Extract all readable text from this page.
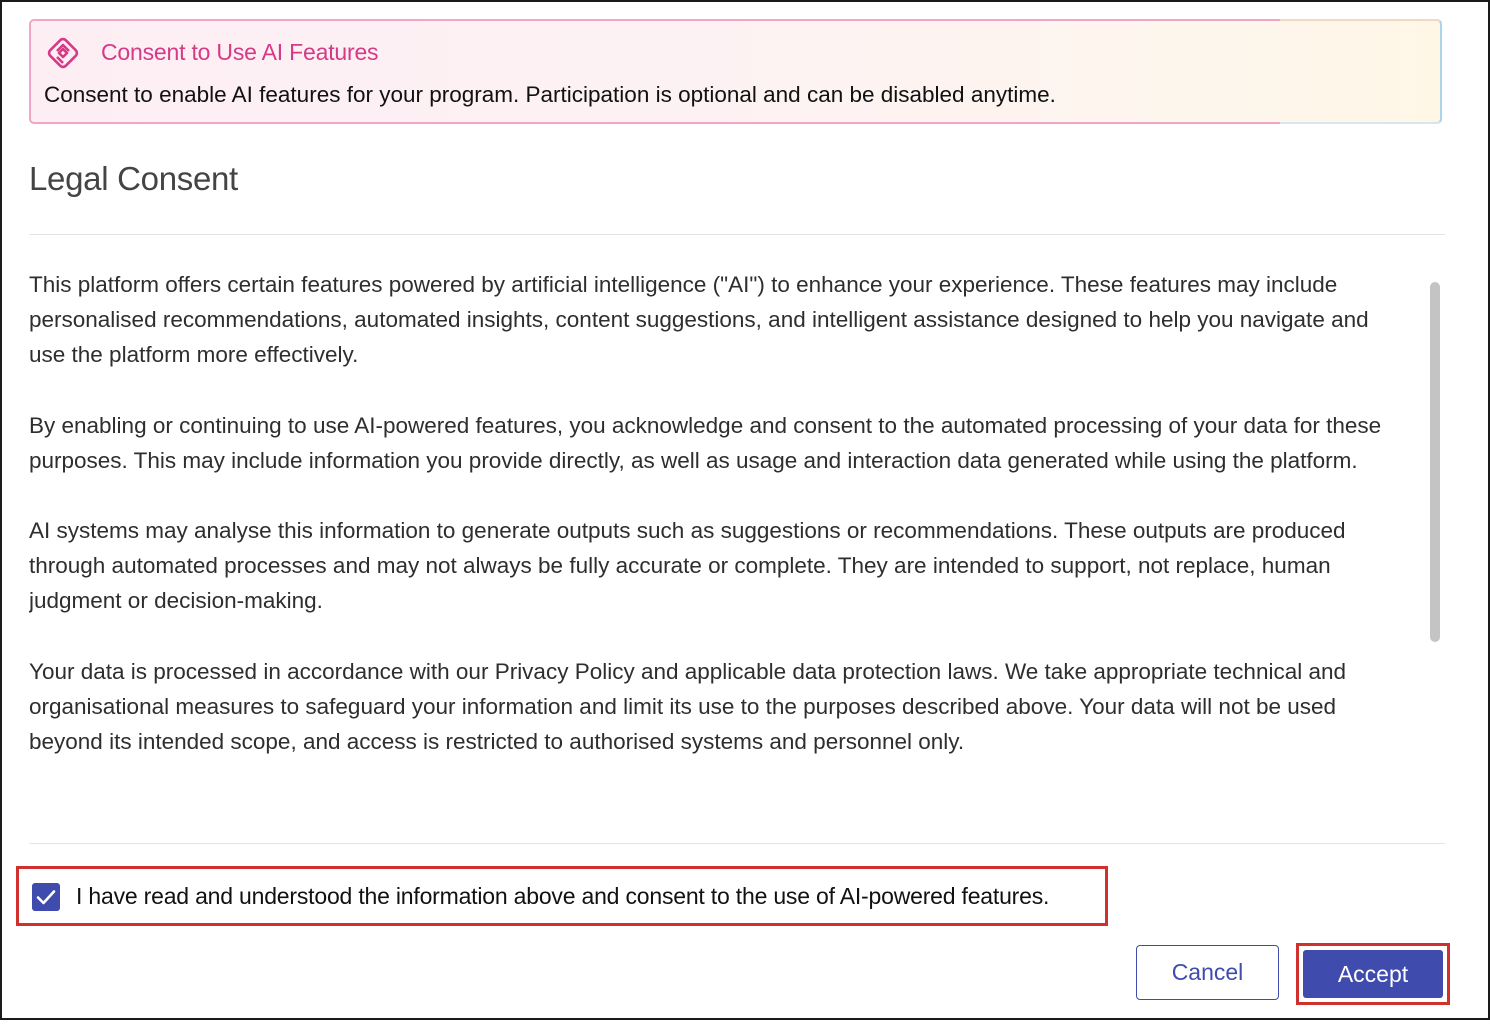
Consent to Use AI Features
Consent to enable AI features for your program. Participation is optional and can be disabled anytime.
Legal Consent

This platform offers certain features powered by artificial intelligence ("AI") to enhance your experience. These features may include personalised recommendations, automated insights, content suggestions, and intelligent assistance designed to help you navigate and use the platform more effectively.

By enabling or continuing to use AI-powered features, you acknowledge and consent to the automated processing of your data for these purposes. This may include information you provide directly, as well as usage and interaction data generated while using the platform.

AI systems may analyse this information to generate outputs such as suggestions or recommendations. These outputs are produced through automated processes and may not always be fully accurate or complete. They are intended to support, not replace, human judgment or decision-making.

Your data is processed in accordance with our Privacy Policy and applicable data protection laws. We take appropriate technical and organisational measures to safeguard your information and limit its use to the purposes described above. Your data will not be used beyond its intended scope, and access is restricted to authorised systems and personnel only.

I have read and understood the information above and consent to the use of AI-powered features.
Cancel	Accept
